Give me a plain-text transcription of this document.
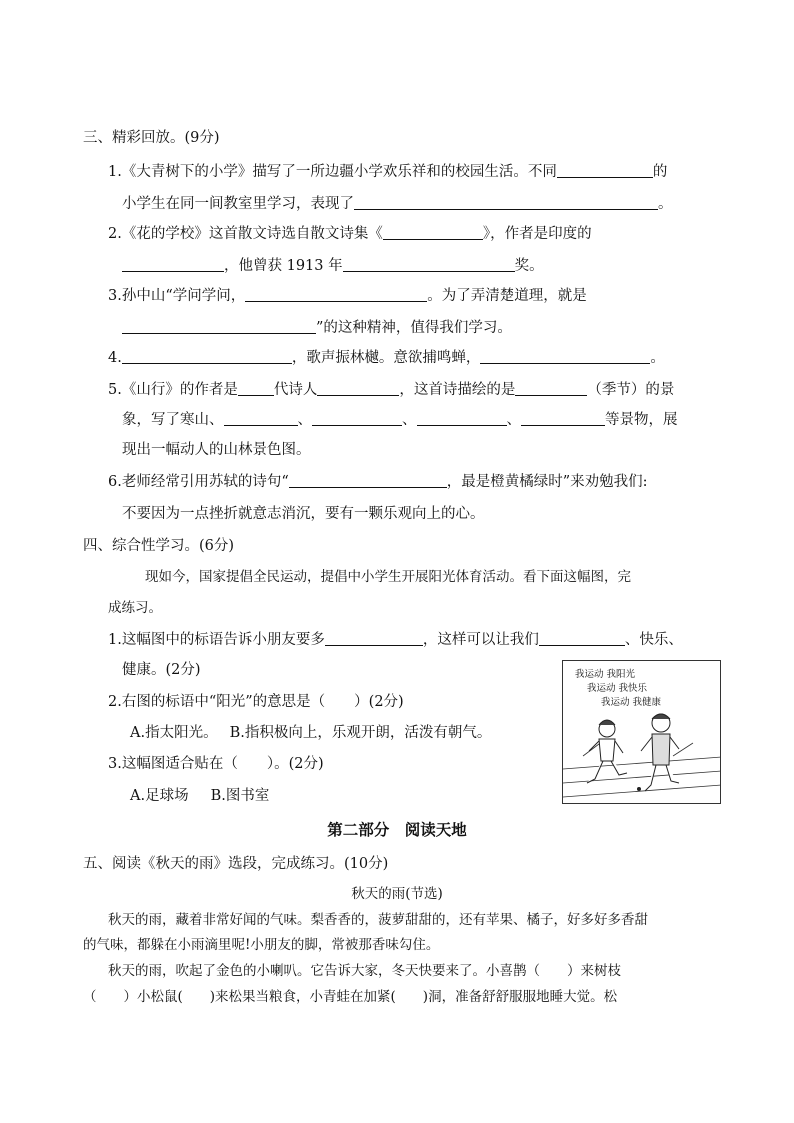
三、精彩回放。(9分)
1.《大青树下的小学》描写了一所边疆小学欢乐祥和的校园生活。不同	的
小学生在同一间教室里学习，表现了	。
2.《花的学校》这首散文诗选自散文诗集《	》，作者是印度的
，他曾获 1913 年	奖。
3.孙中山“学问学问，	。为了弄清楚道理，就是
”的这种精神，值得我们学习。
4.	，歌声振林樾。意欲捕鸣蝉，	。
5.《山行》的作者是 代诗人	，这首诗描绘的是	（季节）的景
象，写了寒山、	、	、	、	等景物，展
现出一幅动人的山林景色图。
6.老师经常引用苏轼的诗句“	，最是橙黄橘绿时”来劝勉我们:
不要因为一点挫折就意志消沉，要有一颗乐观向上的心。
四、综合性学习。(6分)
现如今，国家提倡全民运动，提倡中小学生开展阳光体育活动。看下面这幅图，完
成练习。
1.这幅图中的标语告诉小朋友要多	，这样可以让我们	、快乐、
健康。(2分)
2.右图的标语中“阳光”的意思是（　　）(2分)
A.指太阳光。 B.指积极向上，乐观开朗，活泼有朝气。
3.这幅图适合贴在（　　）。(2分)
A.足球场 B.图书室
我运动 我阳光
我运动 我快乐
我运动 我健康
第二部分　阅读天地
五、阅读《秋天的雨》选段，完成练习。(10分)
秋天的雨(节选)
秋天的雨，藏着非常好闻的气味。梨香香的，菠萝甜甜的，还有苹果、橘子，好多好多香甜
的气味，都躲在小雨滴里呢!小朋友的脚，常被那香味勾住。
秋天的雨，吹起了金色的小喇叭。它告诉大家，冬天快要来了。小喜鹊（　　）来树枝
（　　）小松鼠(　　)来松果当粮食，小青蛙在加紧(　　)洞，准备舒舒服服地睡大觉。松
